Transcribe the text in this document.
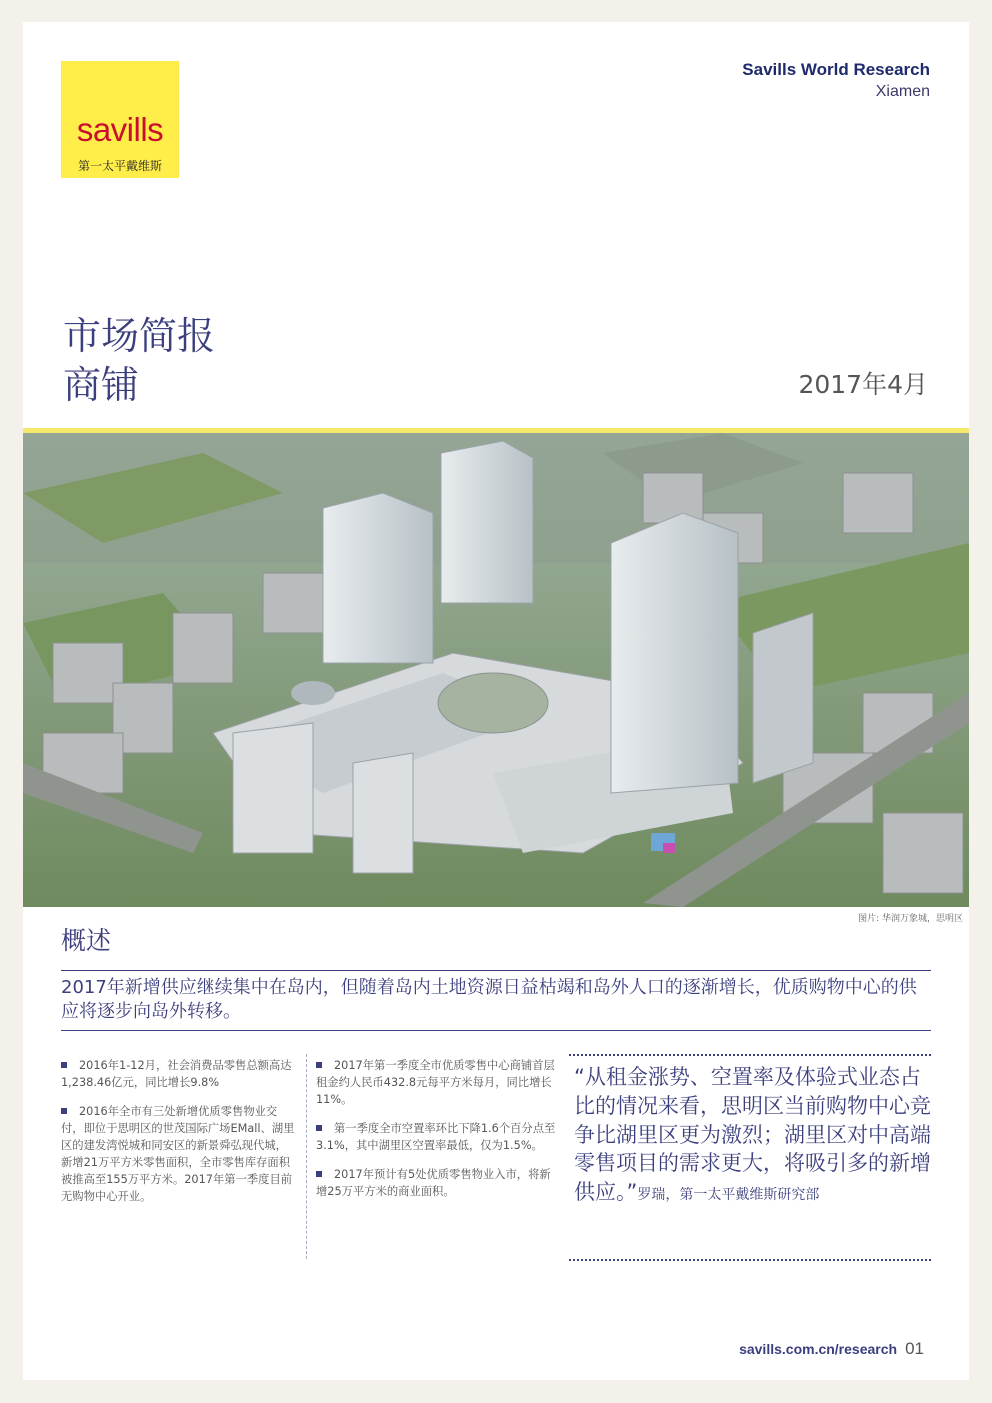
savills
第一太平戴维斯
Savills World Research
Xiamen
市场简报
商铺	2017年4月
图片: 华润万象城，思明区
概述
2017年新增供应继续集中在岛内，但随着岛内土地资源日益枯竭和岛外人口的逐渐增长，优质购物中心的供应将逐步向岛外转移。

2016年1-12月，社会消费品零售总额高达1,238.46亿元，同比增长9.8%

2016年全市有三处新增优质零售物业交付，即位于思明区的世茂国际广场EMall、湖里区的建发湾悦城和同安区的新景舜弘现代城，新增21万平方米零售面积，全市零售库存面积被推高至155万平方米。2017年第一季度目前无购物中心开业。

2017年第一季度全市优质零售中心商铺首层租金约人民币432.8元每平方米每月，同比增长11%。

第一季度全市空置率环比下降1.6个百分点至3.1%，其中湖里区空置率最低，仅为1.5%。

2017年预计有5处优质零售物业入市，将新增25万平方米的商业面积。

“从租金涨势、空置率及体验式业态占比的情况来看，思明区当前购物中心竞争比湖里区更为激烈；湖里区对中高端零售项目的需求更大，将吸引多的新增供应。”罗瑞，第一太平戴维斯研究部
savills.com.cn/research 01
